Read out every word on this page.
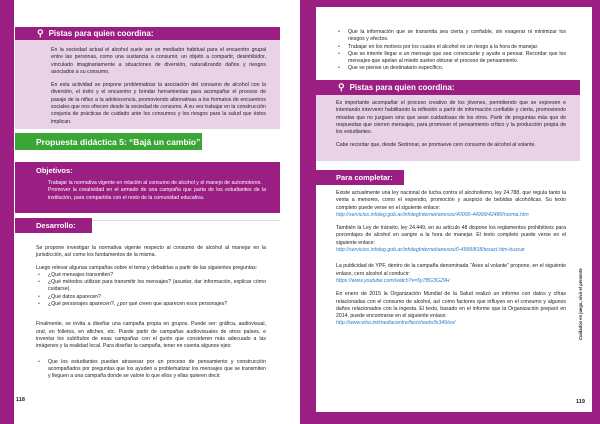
⚲ Pistas para quien coordina:

En la sociedad actual el alcohol suele ser un mediador habitual para el encuentro grupal entre las personas, como una sustancia a consumir, un objeto a compartir, desinhibidor, vinculado imaginariamente a situaciones de diversión, naturalizando daños y riesgos asociados a su consumo.

En esta actividad se propone problematizar la asociación del consumo de alcohol con la diversión, el éxito y el encuentro y brindar herramientas para acompañar el proceso de pasaje de la niñez a la adolescencia, promoviendo alternativas a los formatos de encuentros sociales que nos ofrecen desde la sociedad de consumo. A su vez trabajar en la construcción conjunta de prácticas de cuidado ante los consumos y los riesgos para la salud que éstos implican.

Propuesta didáctica 5: “Bajá un cambio”
Objetivos:
• Trabajar la normativa vigente en relación al consumo de alcohol y el manejo de automotores.
• Promover la creatividad en el armado de una campaña que parta de los estudiantes de la institución, para compartirla con el resto de la comunidad educativa.
Desarrollo:

Se propone investigar la normativa vigente respecto al consumo de alcohol al manejar en la jurisdicción, así como los fundamentos de la misma.

Luego relevar algunas campañas sobre el tema y debatirlas a partir de las siguientes preguntas:

• ¿Qué mensajes transmiten?
• ¿Qué métodos utilizan para transmitir los mensajes? (asustar, dar información, explicar cómo cuidarse).
• ¿Qué datos aparecen?
• ¿Qué personajes aparecen?, ¿por qué creen que aparecen esos personajes?

Finalmente, se invita a diseñar una campaña propia en grupos. Puede ser: gráfica, audiovisual, oral, en folletos, en afiches, etc. Puede partir de campañas audiovisuales de otros países, e inventar los subtítulos de esas campañas con el guión que consideren más adecuado a las imágenes y la realidad local. Para diseñar la campaña, tener en cuenta algunos ejes:

• Que los estudiantes puedan atravesar por un proceso de pensamiento y construcción acompañados por preguntas que los ayuden a problematizar los mensajes que se transmiten y lleguen a una campaña donde se valore lo que ellos y ellas quieren decir.
118
• Que la información que se transmita sea cierta y confiable, sin exagerar ni minimizar los riesgos y efectos.
• Trabajar en los motivos por los cuales el alcohol es un riesgo a la hora de manejar.
• Que se intente llegar a un mensaje que sea convocante y ayude a pensar. Recordar que los mensajes que apelan al miedo suelen obturar el proceso de pensamiento.
• Que se piense un destinatario específico.
⚲ Pistas para quien coordina:

Es importante acompañar el proceso creativo de los jóvenes, permitiendo que se expresen e intentando intervenir habilitando la reflexión a partir de información confiable y cierta, promoviendo miradas que no juzguen sino que sean cuidadosas de los otros. Partir de preguntas más que de respuestas que cierren mensajes, para promover el pensamiento crítico y la producción propia de los estudiantes.

Cabe recordar que, desde Sedronar, se promueve cero consumo de alcohol al volante.

Para completar:

Existe actualmente una ley nacional de lucha contra el alcoholismo, ley 24.788, que regula tanto la venta a menores, como el expendio, promoción y auspicio de bebidas alcohólicas. Su texto completo puede verse en el siguiente enlace:

http://servicios.infoleg.gob.ar/infolegInternet/anexos/40000-44999/42480/norma.htm

También la Ley de tránsito, ley 24.449, en su artículo 48 dispone los reglamentos prohibitivos para porcentajes de alcohol en sangre a la hora de manejar. El texto completo puede verse en el siguiente enlace:

http://servicios.infoleg.gob.ar/infolegInternet/anexos/0-4999/818/texact.htm-buscar

La publicidad de YPF, dentro de la campaña denominada “Ases al volante” propone, en el siguiente enlace, cero alcohol al conducir:

https://www.youtube.com/watch?v=5y7BG3G29H

En enero de 2015 la Organización Mundial de la Salud realizó un informe con datos y cifras relacionadas con el consumo de alcohol, así como factores que influyen en el consumo y algunos daños relacionados con la ingesta. El texto, basado en el informe que la Organización preparó en 2014, puede encontrarse en el siguiente enlace:

http://www.who.int/mediacentre/factsheets/fs349/es/	Cuidados en juego, vivir el presente
119
